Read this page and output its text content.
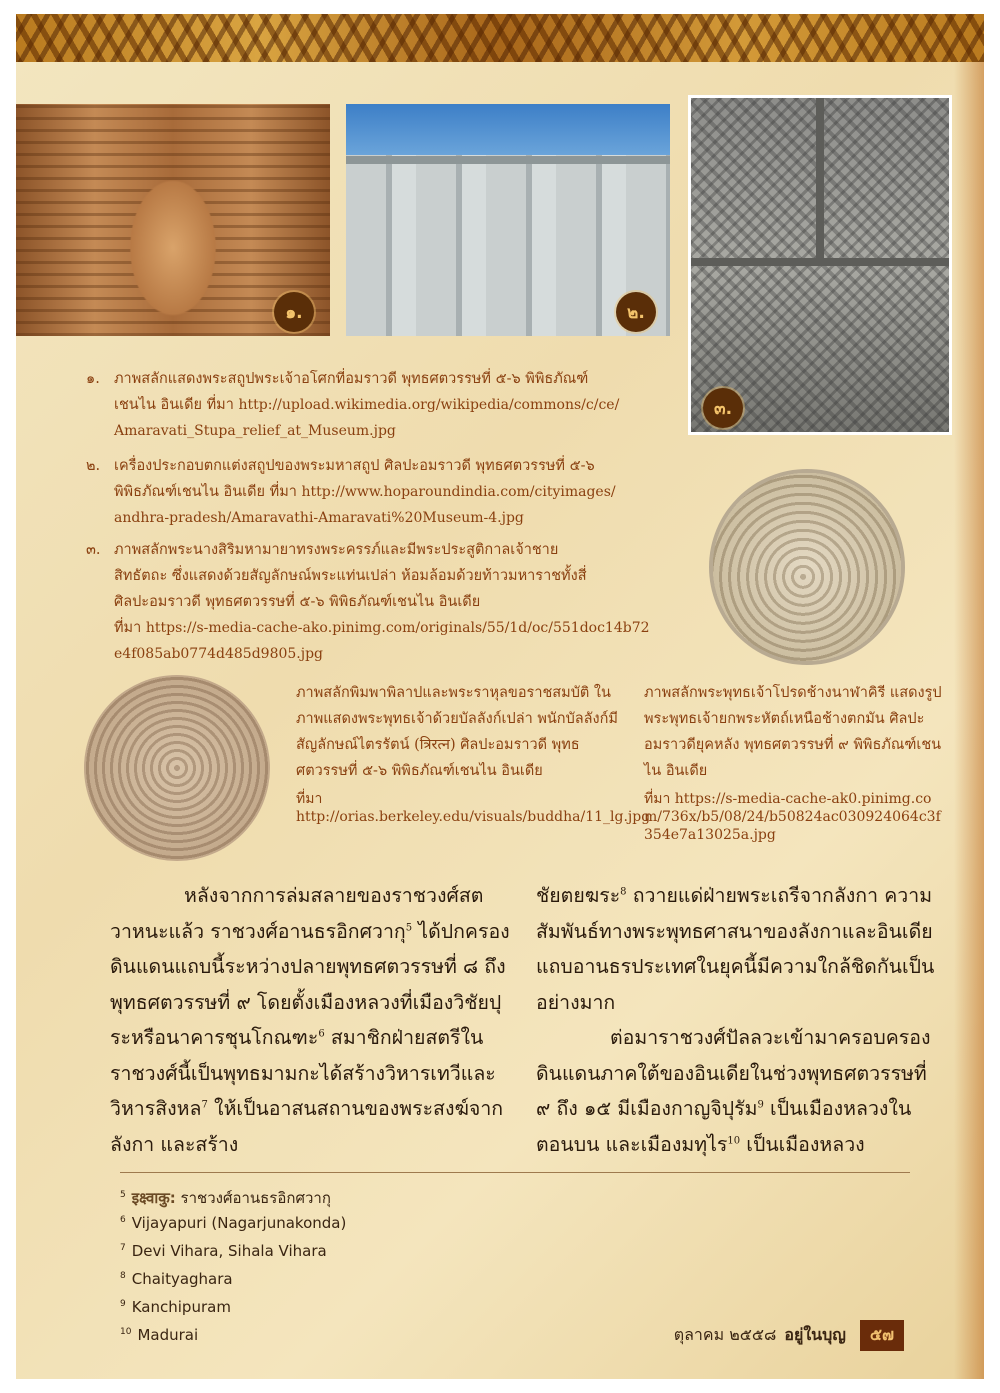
๑.	๒.
๓.
๑. ภาพสลักแสดงพระสถูปพระเจ้าอโศกที่อมราวดี พุทธศตวรรษที่ ๕-๖ พิพิธภัณฑ์
เชนไน อินเดีย ที่มา http://upload.wikimedia.org/wikipedia/commons/c/ce/
Amaravati_Stupa_relief_at_Museum.jpg
๒. เครื่องประกอบตกแต่งสถูปของพระมหาสถูป ศิลปะอมราวดี พุทธศตวรรษที่ ๕-๖
พิพิธภัณฑ์เชนไน อินเดีย ที่มา http://www.hoparoundindia.com/cityimages/
andhra-pradesh/Amaravathi-Amaravati%20Museum-4.jpg
๓. ภาพสลักพระนางสิริมหามายาทรงพระครรภ์และมีพระประสูติกาลเจ้าชาย
สิทธัตถะ ซึ่งแสดงด้วยสัญลักษณ์พระแท่นเปล่า ห้อมล้อมด้วยท้าวมหาราชทั้งสี่
ศิลปะอมราวดี พุทธศตวรรษที่ ๕-๖ พิพิธภัณฑ์เชนไน อินเดีย
ที่มา https://s-media-cache-akо.pinimg.com/originals/55/1d/оc/551dоc14b72
e4f085ab0774d485d9805.jpg
ภาพสลักพิมพาพิลาปและพระราหุลขอราชสมบัติ ในภาพแสดงพระพุทธเจ้าด้วยบัลลังก์เปล่า พนักบัลลังก์มีสัญลักษณ์ไตรรัตน์ (त्रिरत्न) ศิลปะอมราวดี พุทธศตวรรษที่ ๕-๖ พิพิธภัณฑ์เชนไน อินเดีย
ที่มา http://orias.berkeley.edu/visuals/buddha/11_lg.jpg
ภาพสลักพระพุทธเจ้าโปรดช้างนาฬาคิรี แสดงรูปพระพุทธเจ้ายกพระหัตถ์เหนือช้างตกมัน ศิลปะอมราวดียุคหลัง พุทธศตวรรษที่ ๙ พิพิธภัณฑ์เชนไน อินเดีย
ที่มา https://s-media-cache-ak0.pinimg.com/736x/b5/08/24/b50824ac030924064c3f354e7a13025a.jpg

หลังจากการล่มสลายของราชวงศ์สตวาหนะแล้ว ราชวงศ์อานธรอิกศวากุ$^5$ ได้ปกครองดินแดนแถบนี้ระหว่างปลายพุทธศตวรรษที่ ๘ ถึงพุทธศตวรรษที่ ๙ โดยตั้งเมืองหลวงที่เมืองวิชัยปุระหรือนาคารชุนโกณฑะ$^6$ สมาชิกฝ่ายสตรีในราชวงศ์นี้เป็นพุทธมามกะได้สร้างวิหารเทวีและวิหารสิงหล$^7$ ให้เป็นอาสนสถานของพระสงฆ์จากลังกา และสร้าง

ชัยตยฆระ$^8$ ถวายแด่ฝ่ายพระเถรีจากลังกา ความสัมพันธ์ทางพระพุทธศาสนาของลังกาและอินเดียแถบอานธรประเทศในยุคนี้มีความใกล้ชิดกันเป็นอย่างมาก

ต่อมาราชวงศ์ปัลลวะเข้ามาครอบครองดินแดนภาคใต้ของอินเดียในช่วงพุทธศตวรรษที่ ๙ ถึง ๑๕ มีเมืองกาญจิปุรัม$^9$ เป็นเมืองหลวงในตอนบน และเมืองมทุไร$^{10}$ เป็นเมืองหลวง

$^5$ इक्ष्वाकु: ราชวงศ์อานธรอิกศวากุ
$^6$ Vijayapuri (Nagarjunakonda)
$^7$ Devi Vihara, Sihala Vihara
$^8$ Chaityaghara
$^9$ Kanchipuram
$^{10}$ Madurai	ตุลาคม ๒๕๕๘ อยู่ในบุญ	๕๗
